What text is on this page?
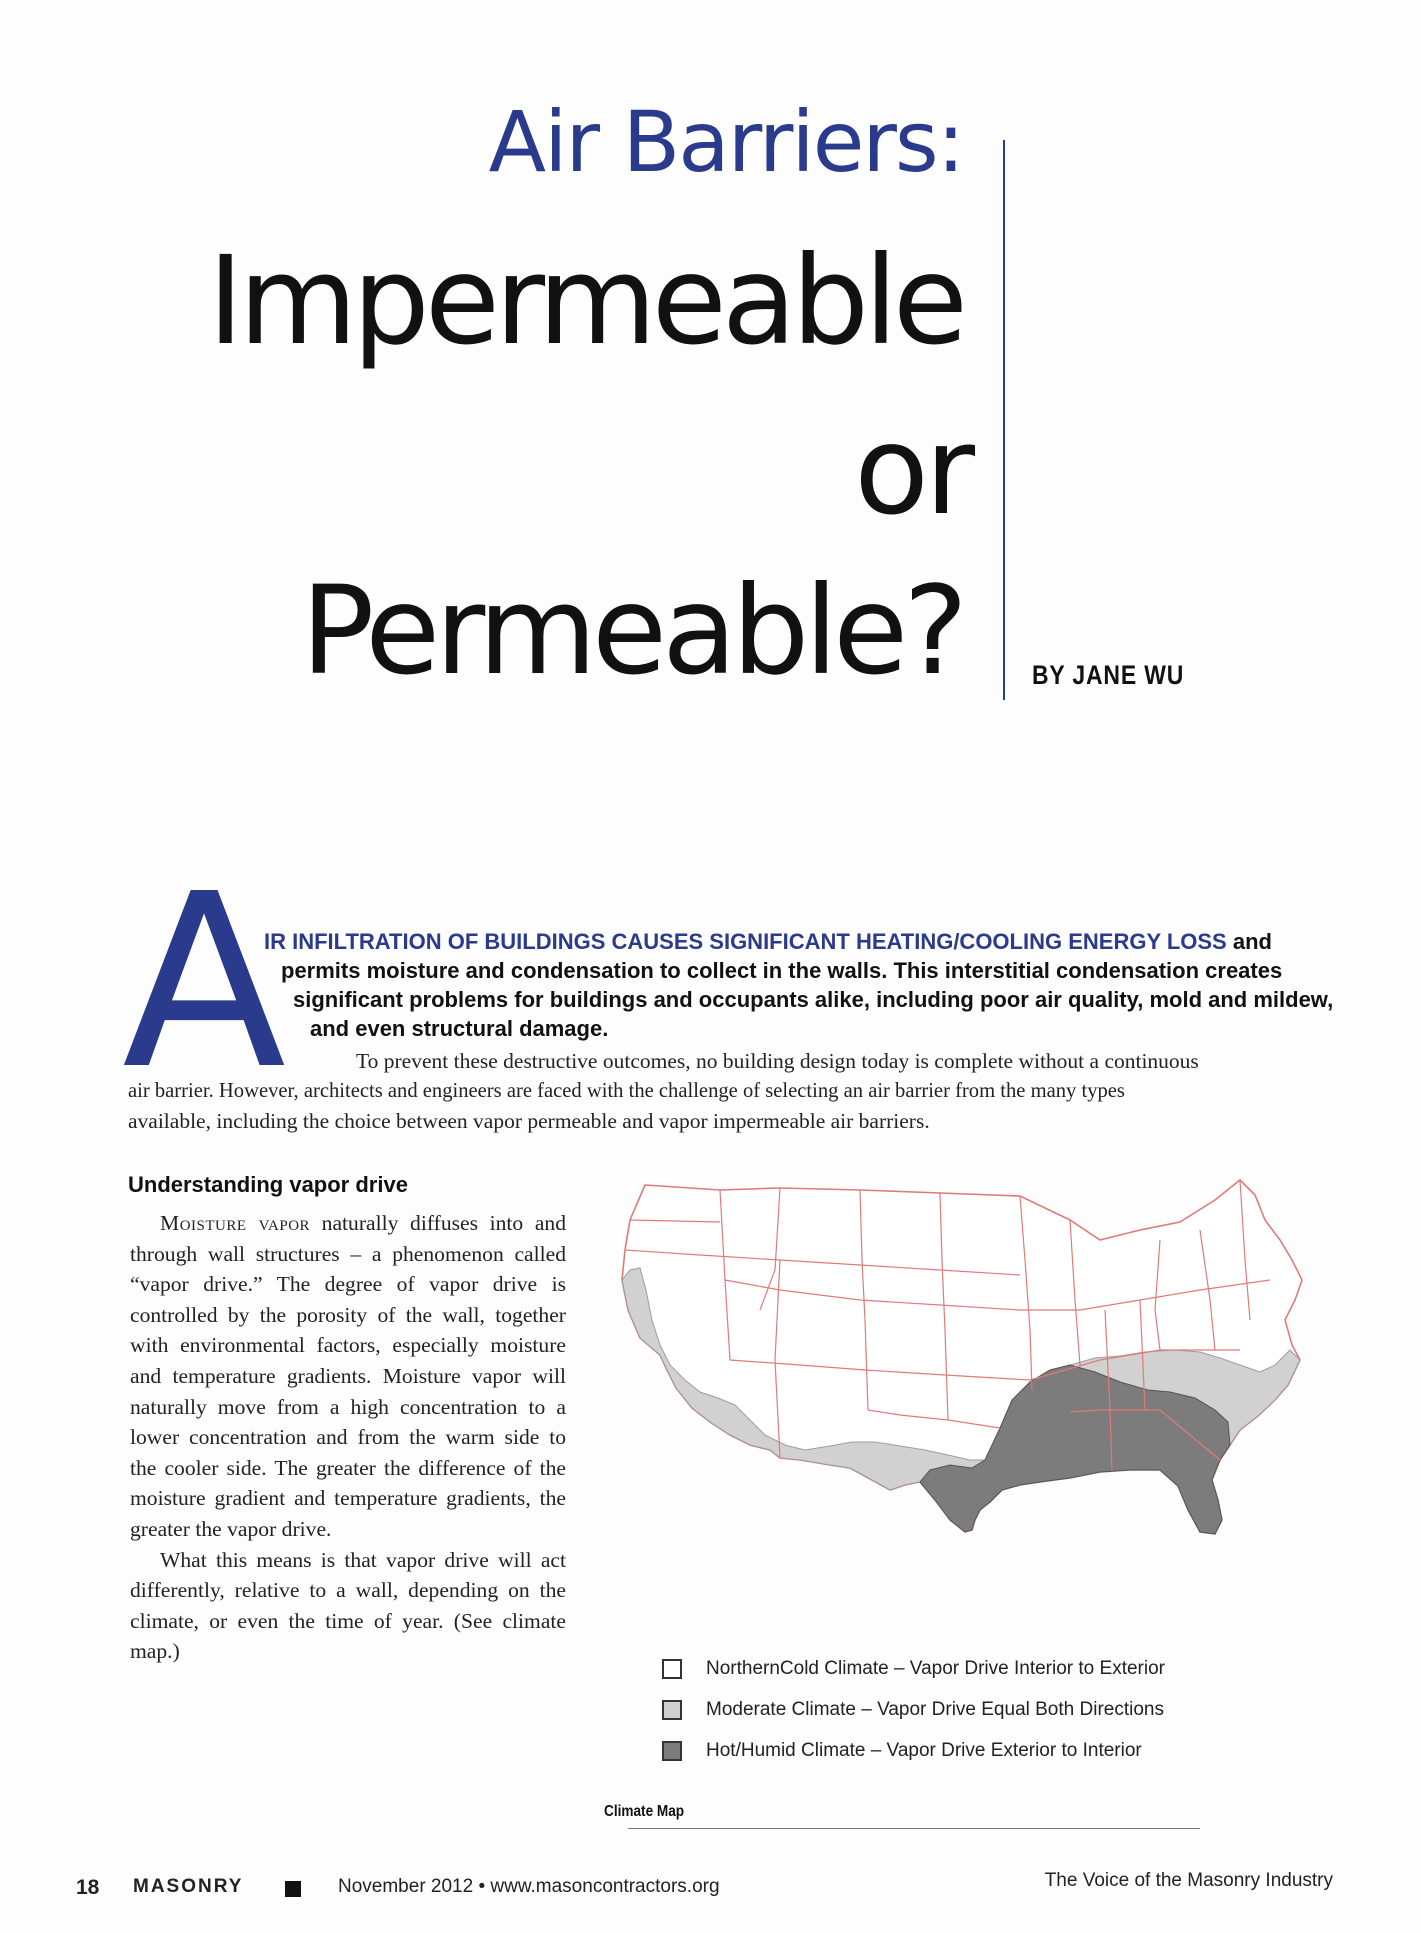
Air Barriers:
Impermeable
or
Permeable?	BY JANE WU
A
IR INFILTRATION OF BUILDINGS CAUSES SIGNIFICANT HEATING/COOLING ENERGY LOSS and
permits moisture and condensation to collect in the walls. This interstitial condensation creates
significant problems for buildings and occupants alike, including poor air quality, mold and mildew,
and even structural damage.
To prevent these destructive outcomes, no building design today is complete without a continuous
air barrier. However, architects and engineers are faced with the challenge of selecting an air barrier from the many types
available, including the choice between vapor permeable and vapor impermeable air barriers.
Understanding vapor drive

Moisture vapor naturally diffuses into and through wall structures – a phenomenon called “vapor drive.” The degree of vapor drive is controlled by the porosity of the wall, together with environmental factors, especially moisture and temperature gradients. Moisture vapor will naturally move from a high concentration to a lower concentration and from the warm side to the cooler side. The greater the difference of the moisture gradient and temperature gradients, the greater the vapor drive.

What this means is that vapor drive will act differently, relative to a wall, depending on the climate, or even the time of year. (See climate map.)

NorthernCold Climate – Vapor Drive Interior to Exterior
Moderate Climate – Vapor Drive Equal Both Directions
Hot/Humid Climate – Vapor Drive Exterior to Interior
Climate Map
18 MASONRY	November 2012 • www.masoncontractors.org	The Voice of the Masonry Industry
